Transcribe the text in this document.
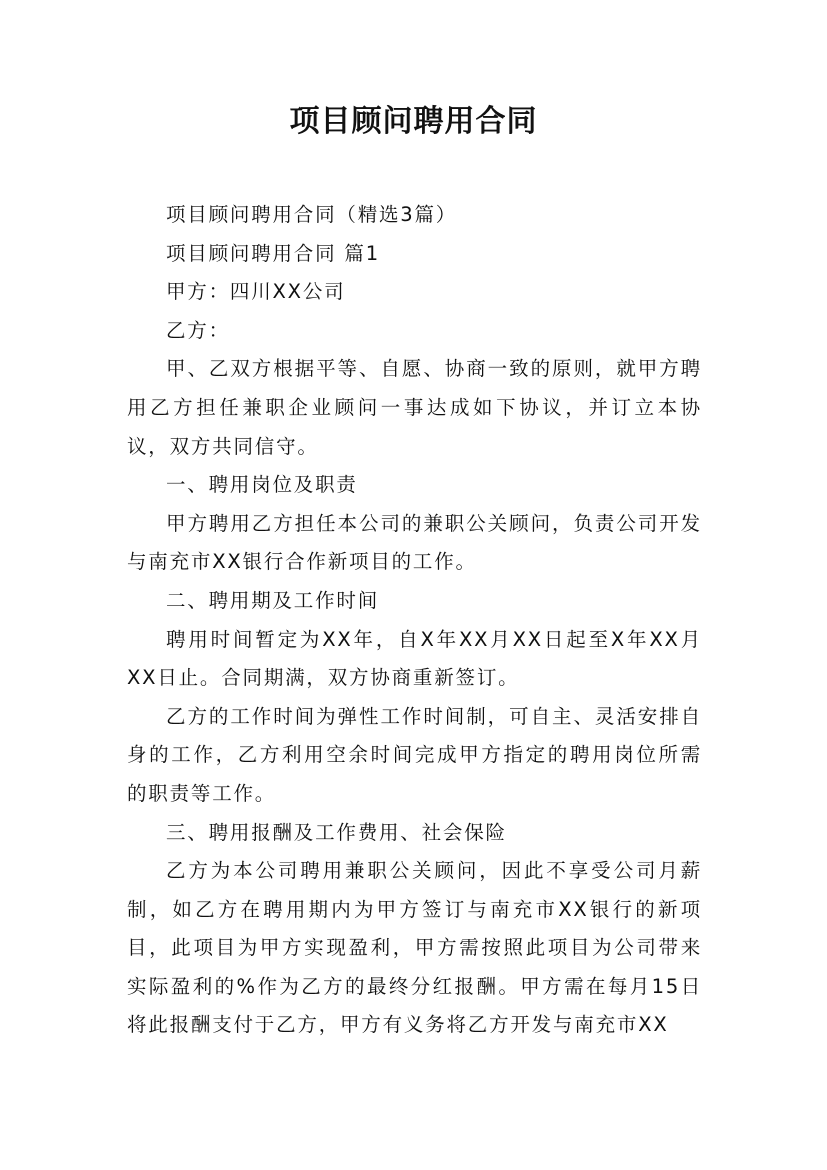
项目顾问聘用合同

项目顾问聘用合同（精选3篇）

项目顾问聘用合同 篇1

甲方：四川XX公司

乙方：

甲、乙双方根据平等、自愿、协商一致的原则，就甲方聘用乙方担任兼职企业顾问一事达成如下协议，并订立本协议，双方共同信守。

一、聘用岗位及职责

甲方聘用乙方担任本公司的兼职公关顾问，负责公司开发与南充市XX银行合作新项目的工作。

二、聘用期及工作时间

聘用时间暂定为XX年，自X年XX月XX日起至X年XX月XX日止。合同期满，双方协商重新签订。

乙方的工作时间为弹性工作时间制，可自主、灵活安排自身的工作，乙方利用空余时间完成甲方指定的聘用岗位所需的职责等工作。

三、聘用报酬及工作费用、社会保险

乙方为本公司聘用兼职公关顾问，因此不享受公司月薪制，如乙方在聘用期内为甲方签订与南充市XX银行的新项目，此项目为甲方实现盈利，甲方需按照此项目为公司带来实际盈利的%作为乙方的最终分红报酬。甲方需在每月15日将此报酬支付于乙方，甲方有义务将乙方开发与南充市XX
